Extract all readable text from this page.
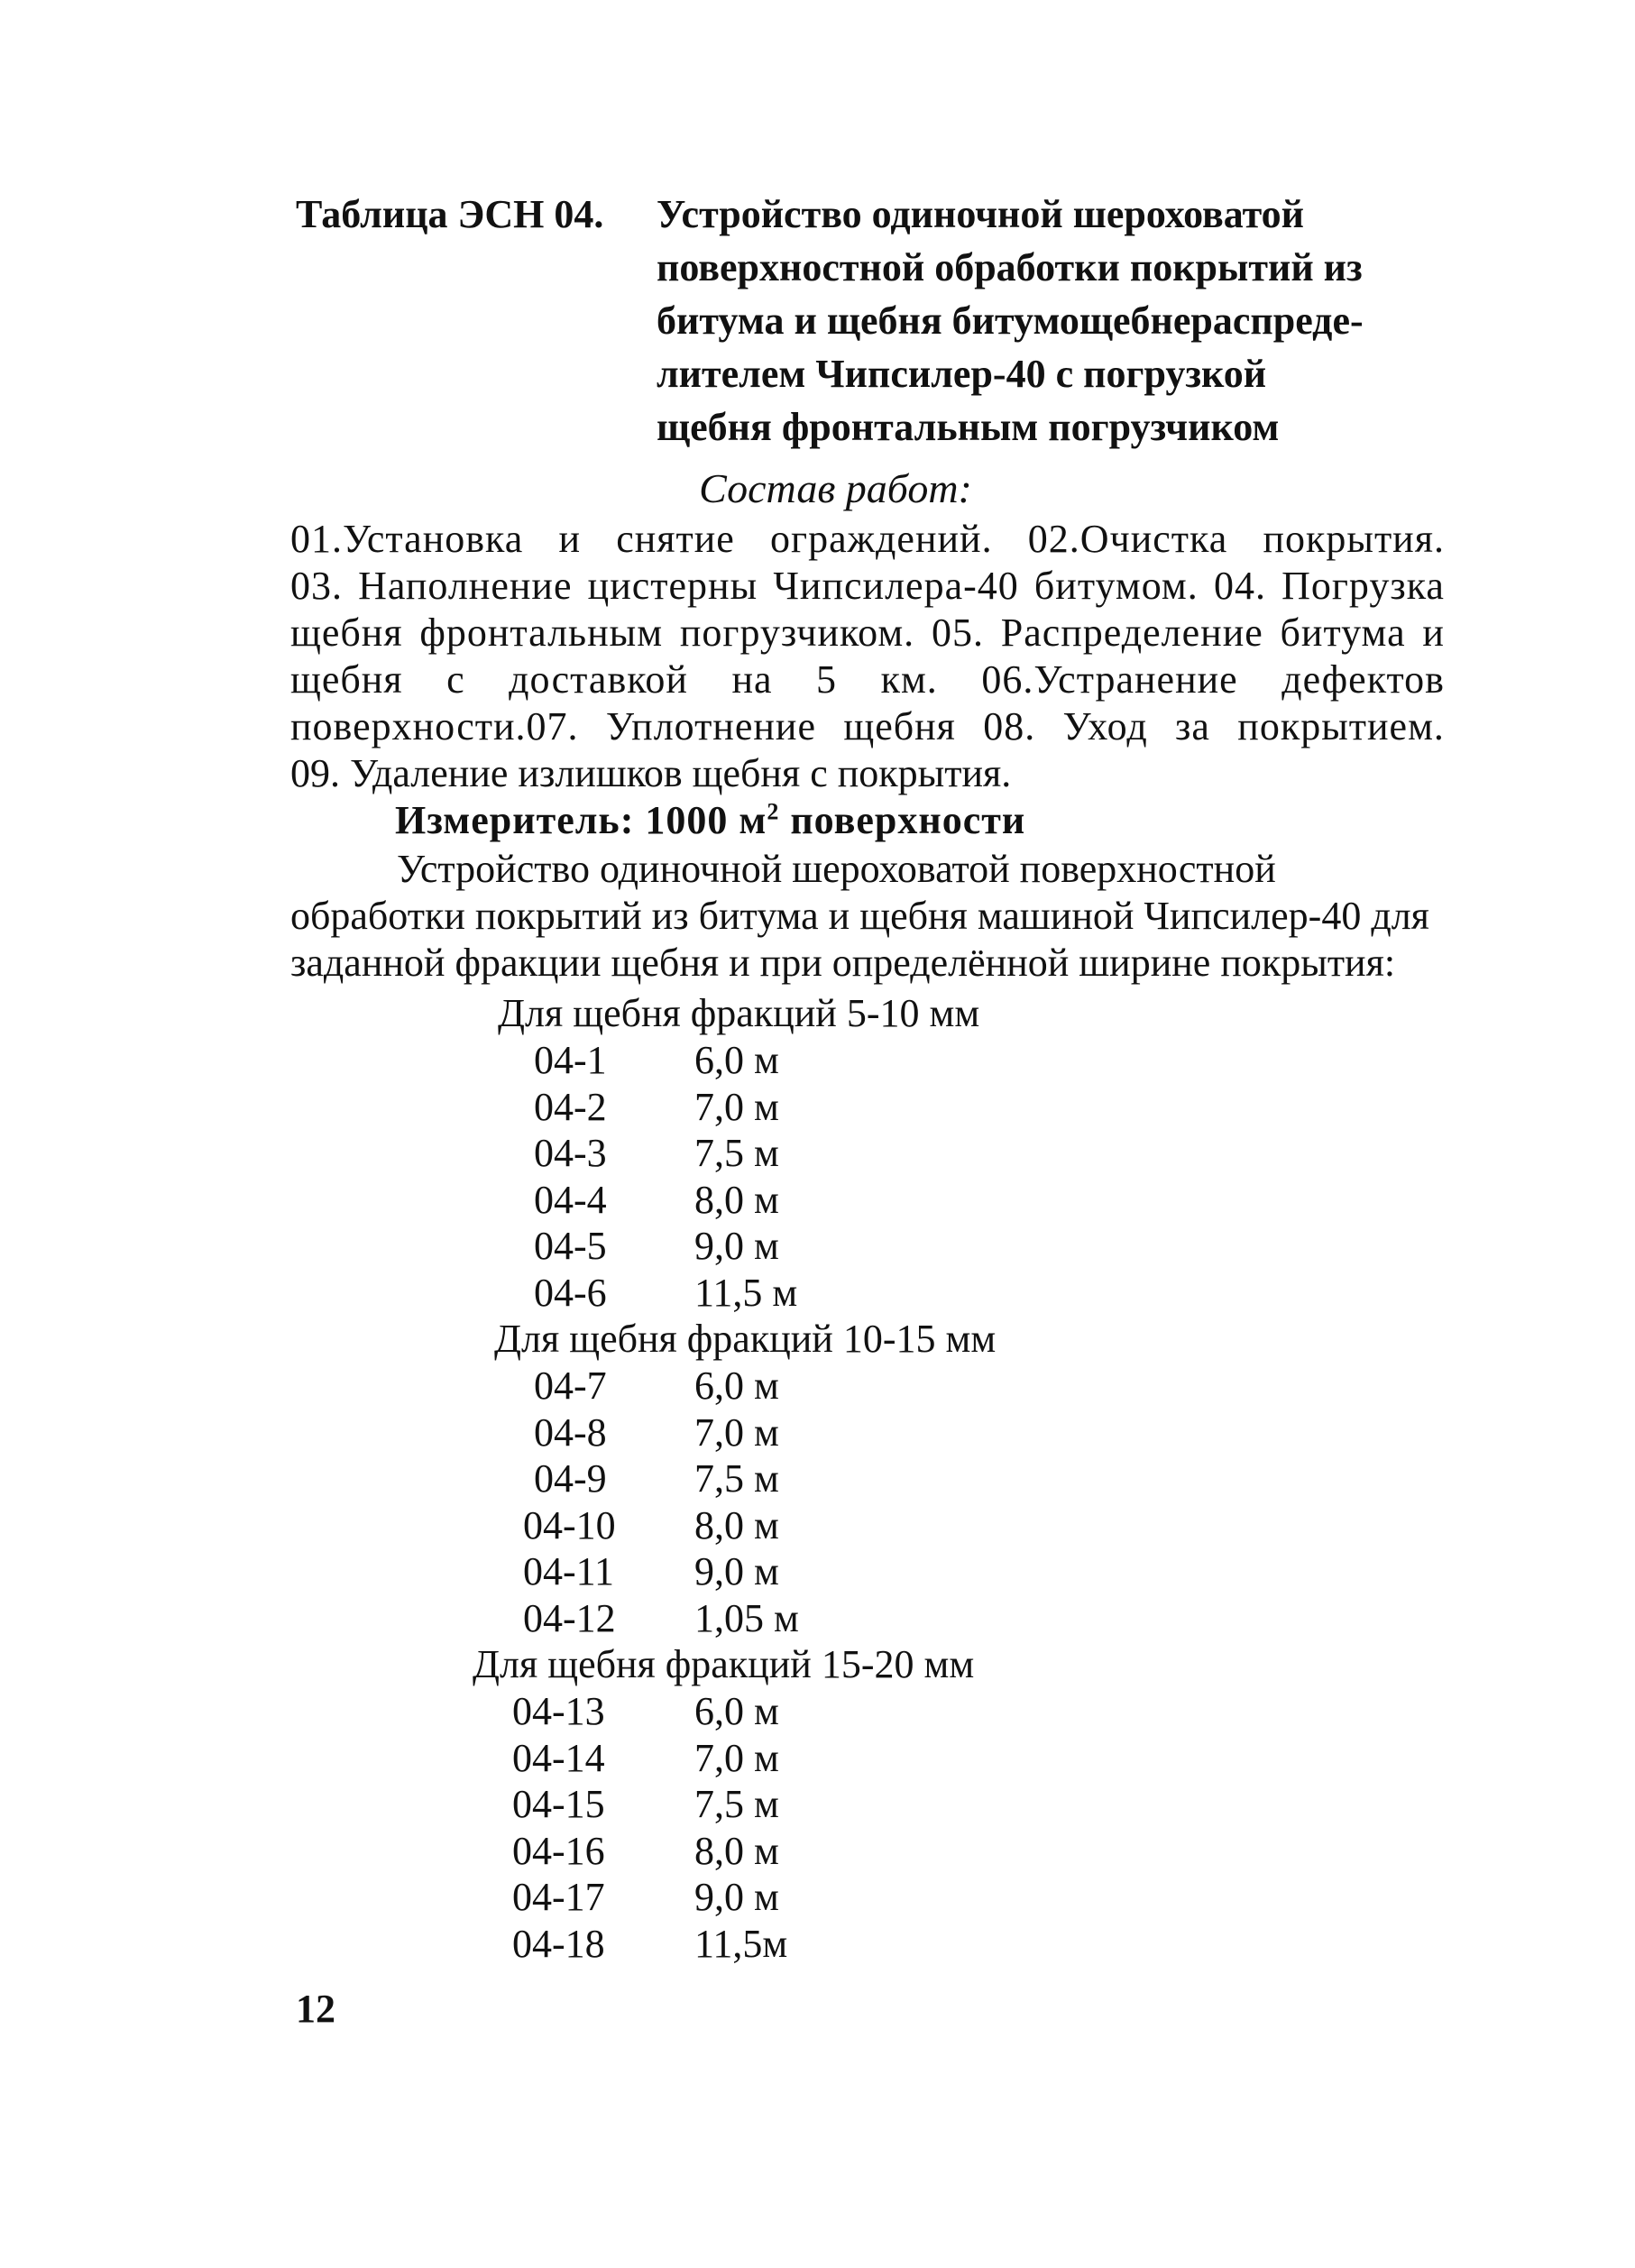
Таблица ЭСН 04. Устройство одиночной шероховатой
поверхностной обработки покрытий из
битума и щебня битумощебнераспреде-
лителем Чипсилер-40 с погрузкой
щебня фронтальным погрузчиком
Состав работ:
01.Установка и снятие ограждений. 02.Очистка покрытия.
03. Наполнение цистерны Чипсилера-40 битумом. 04. Погрузка
щебня фронтальным погрузчиком. 05. Распределение битума и
щебня с доставкой на 5 км. 06.Устранение дефектов
поверхности.07. Уплотнение щебня 08. Уход за покрытием.
09. Удаление излишков щебня с покрытия.
Измеритель: 1000 $м^2$ поверхности
Устройство одиночной шероховатой поверхностной
обработки покрытий из битума и щебня машиной Чипсилер-40 для
заданной фракции щебня и при определённой ширине покрытия:
Для щебня фракций 5-10 мм
04-1	6,0 м
04-2	7,0 м
04-3	7,5 м
04-4	8,0 м
04-5	9,0 м
04-6	11,5 м
Для щебня фракций 10-15 мм
04-7	6,0 м
04-8	7,0 м
04-9	7,5 м
04-10	8,0 м
04-11	9,0 м
04-12	1,05 м
Для щебня фракций 15-20 мм
04-13	6,0 м
04-14	7,0 м
04-15	7,5 м
04-16	8,0 м
04-17	9,0 м
04-18	11,5м
12
